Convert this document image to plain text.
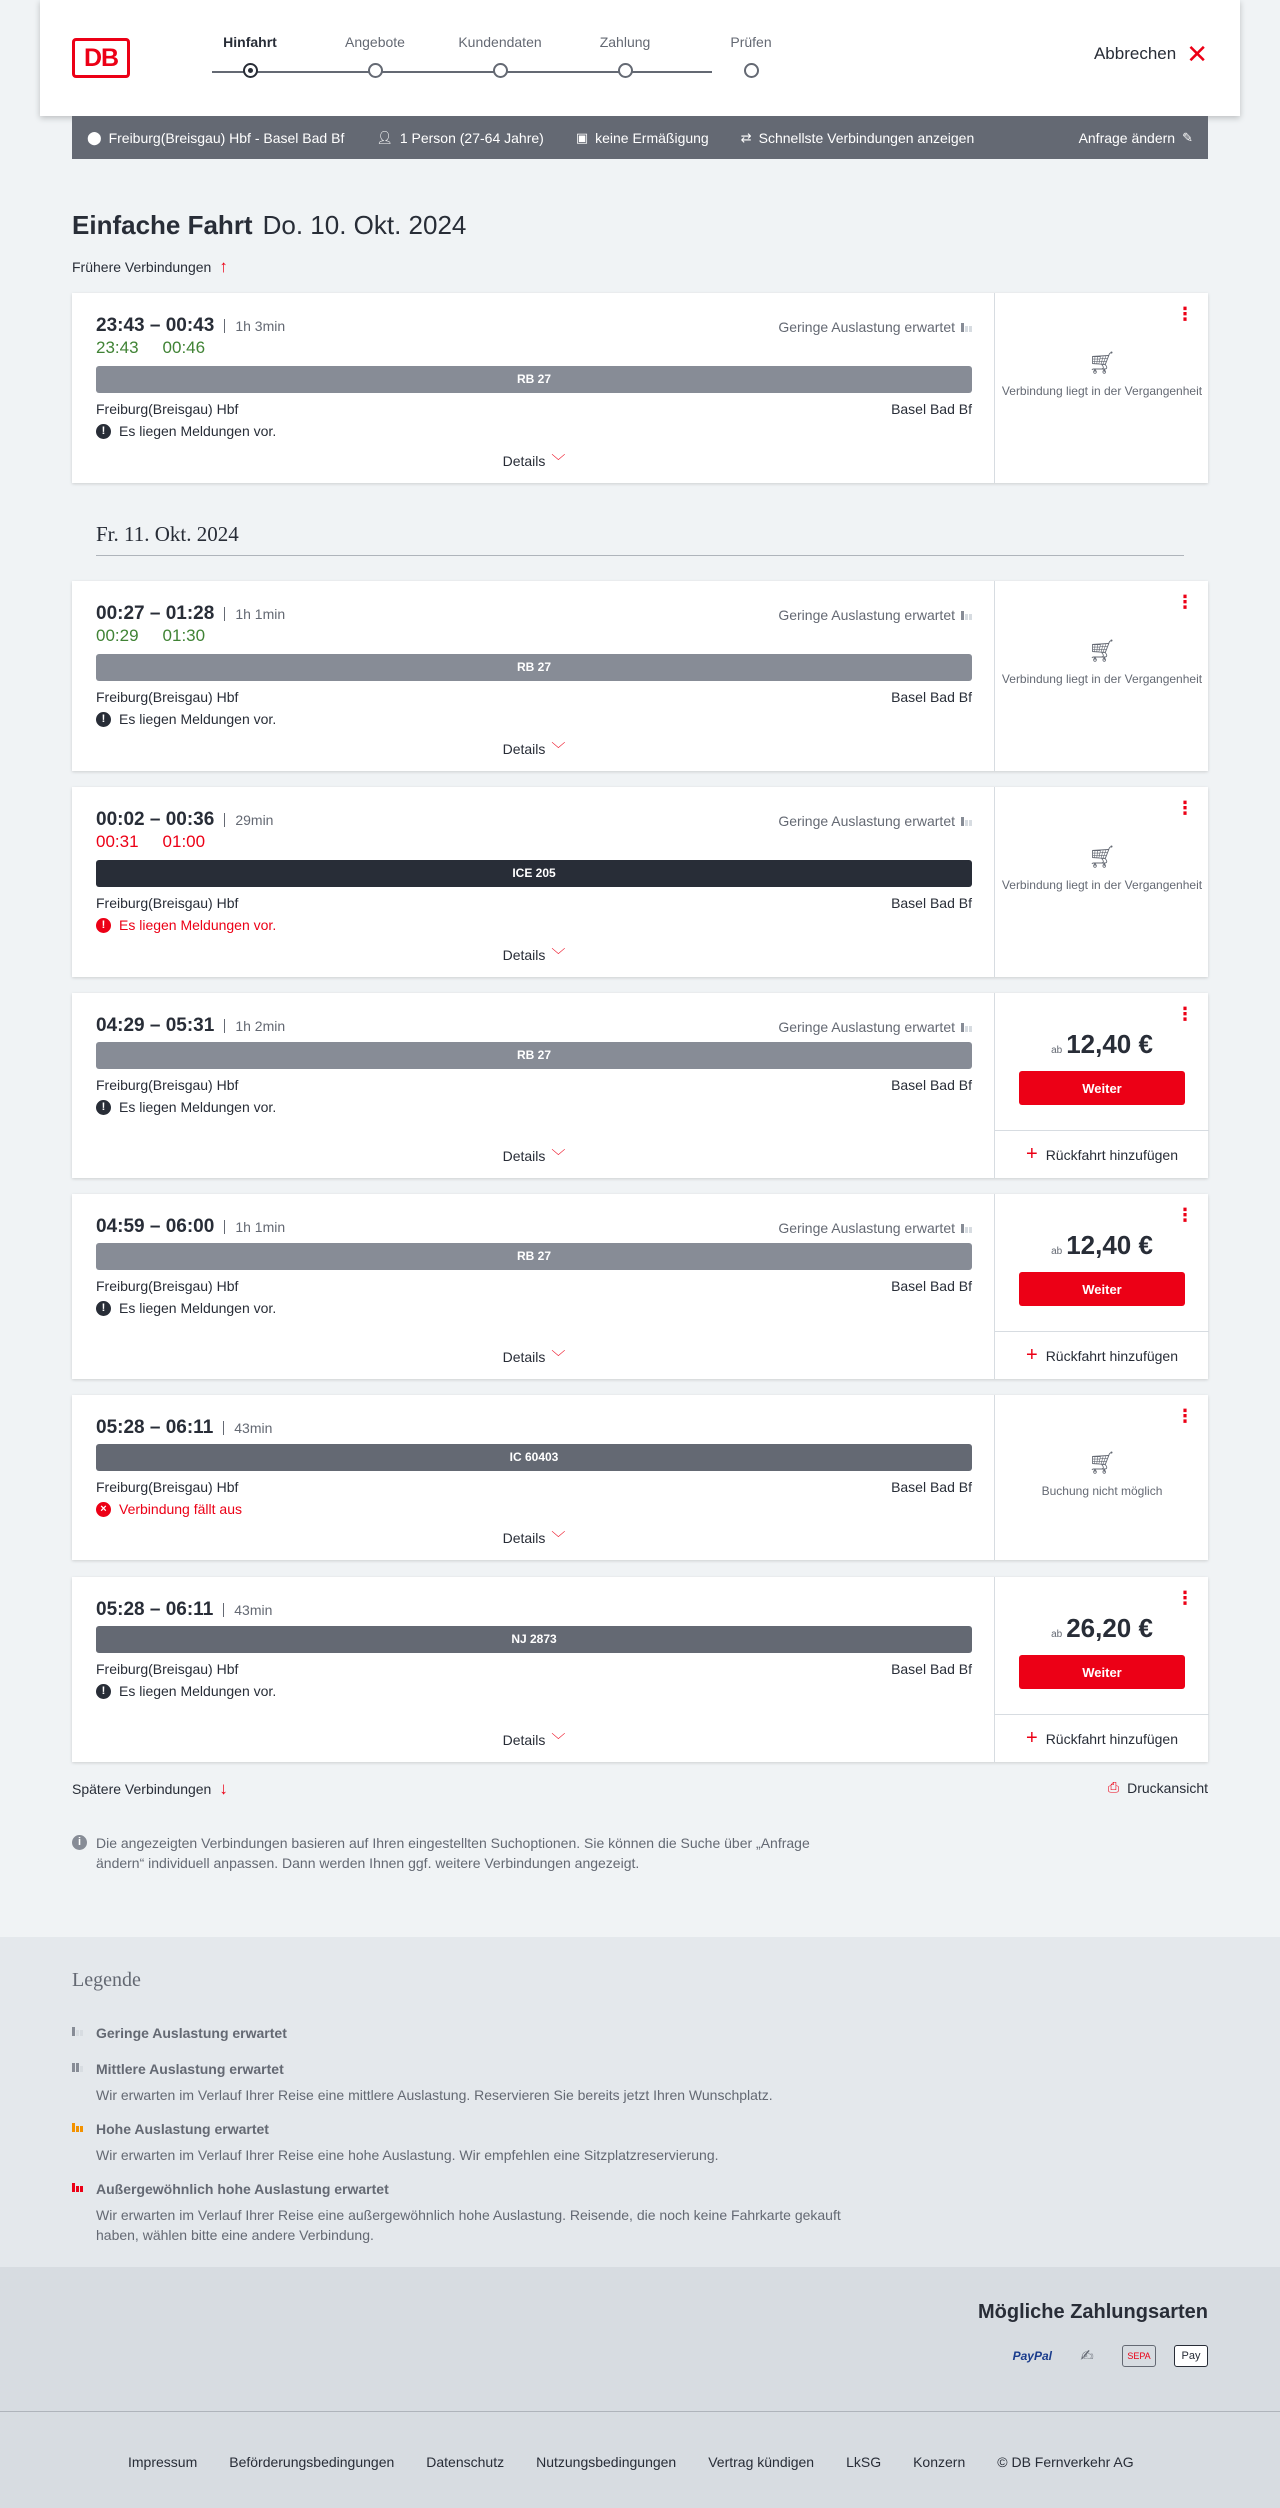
DB
Hinfahrt	Angebote	Kundendaten	Zahlung	Prüfen
Abbrechen ✕
⬤ Freiburg(Breisgau) Hbf - Basel Bad Bf 👤︎ 1 Person (27-64 Jahre) ▣ keine Ermäßigung ⇄ Schnellste Verbindungen anzeigen	Anfrage ändern ✎
Einfache Fahrt Do. 10. Okt. 2024
Frühere Verbindungen ↑
23:43 – 00:43	1h 3min	Geringe Auslastung erwartet
23:43 00:46
RB 27
Freiburg(Breisgau) Hbf	Basel Bad Bf
! Es liegen Meldungen vor.
Details ﹀
⋮
🛒︎
Verbindung liegt in der Vergangenheit
Fr. 11. Okt. 2024
00:27 – 01:28	1h 1min	Geringe Auslastung erwartet
00:29 01:30
RB 27
Freiburg(Breisgau) Hbf	Basel Bad Bf
! Es liegen Meldungen vor.
Details ﹀
⋮
🛒︎
Verbindung liegt in der Vergangenheit
00:02 – 00:36	29min	Geringe Auslastung erwartet
00:31 01:00
ICE 205
Freiburg(Breisgau) Hbf	Basel Bad Bf
! Es liegen Meldungen vor.
Details ﹀
⋮
🛒︎
Verbindung liegt in der Vergangenheit
04:29 – 05:31	1h 2min	Geringe Auslastung erwartet
RB 27
Freiburg(Breisgau) Hbf	Basel Bad Bf
! Es liegen Meldungen vor.
Details ﹀
⋮
ab 12,40 €
Weiter
+ Rückfahrt hinzufügen
04:59 – 06:00	1h 1min	Geringe Auslastung erwartet
RB 27
Freiburg(Breisgau) Hbf	Basel Bad Bf
! Es liegen Meldungen vor.
Details ﹀
⋮
ab 12,40 €
Weiter
+ Rückfahrt hinzufügen
05:28 – 06:11	43min
IC 60403
Freiburg(Breisgau) Hbf	Basel Bad Bf
× Verbindung fällt aus
Details ﹀
⋮
🛒︎
Buchung nicht möglich
05:28 – 06:11	43min
NJ 2873
Freiburg(Breisgau) Hbf	Basel Bad Bf
! Es liegen Meldungen vor.
Details ﹀
⋮
ab 26,20 €
Weiter
+ Rückfahrt hinzufügen
Spätere Verbindungen ↓	⎙ Druckansicht
i	Die angezeigten Verbindungen basieren auf Ihren eingestellten Suchoptionen. Sie können die Suche über „Anfrage ändern“ individuell anpassen. Dann werden Ihnen ggf. weitere Verbindungen angezeigt.
Legende
Geringe Auslastung erwartet
Mittlere Auslastung erwartet
Wir erwarten im Verlauf Ihrer Reise eine mittlere Auslastung. Reservieren Sie bereits jetzt Ihren Wunschplatz.
Hohe Auslastung erwartet
Wir erwarten im Verlauf Ihrer Reise eine hohe Auslastung. Wir empfehlen eine Sitzplatzreservierung.
Außergewöhnlich hohe Auslastung erwartet
Wir erwarten im Verlauf Ihrer Reise eine außergewöhnlich hohe Auslastung. Reisende, die noch keine Fahrkarte gekauft haben, wählen bitte eine andere Verbindung.
Mögliche Zahlungsarten
PayPal	✍	SEPA	Pay
Impressum Beförderungsbedingungen Datenschutz Nutzungsbedingungen Vertrag kündigen LkSG Konzern © DB Fernverkehr AG
